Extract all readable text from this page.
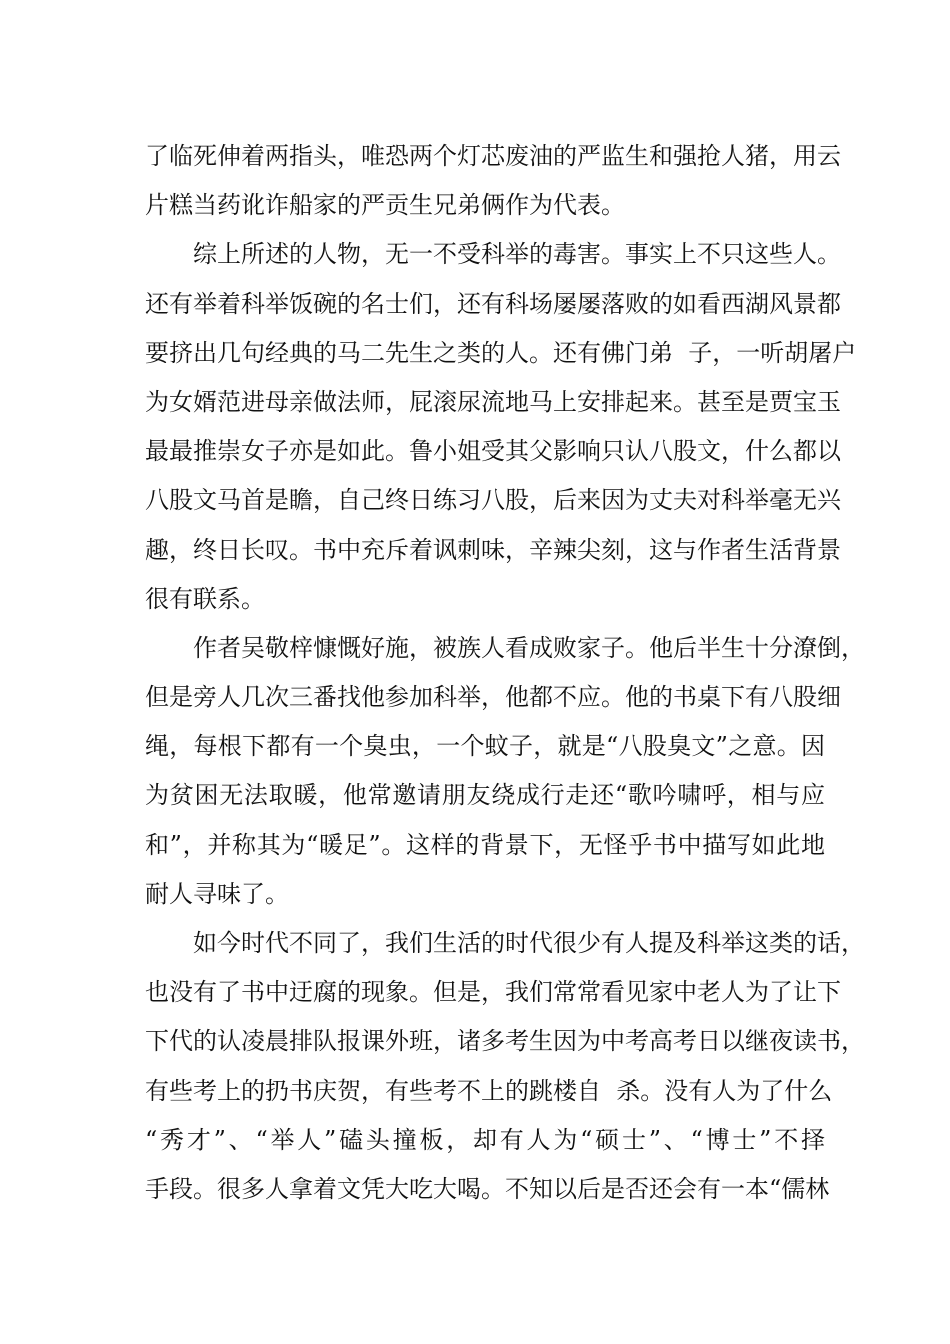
了临死伸着两指头，唯恐两个灯芯废油的严监生和强抢人猪，用云
片糕当药讹诈船家的严贡生兄弟俩作为代表。
综上所述的人物，无一不受科举的毒害。事实上不只这些人。
还有举着科举饭碗的名士们，还有科场屡屡落败的如看西湖风景都
要挤出几句经典的马二先生之类的人。还有佛门弟  子，一听胡屠户
为女婿范进母亲做法师，屁滚尿流地马上安排起来。甚至是贾宝玉
最最推崇女子亦是如此。鲁小姐受其父影响只认八股文，什么都以
八股文马首是瞻，自己终日练习八股，后来因为丈夫对科举毫无兴
趣，终日长叹。书中充斥着讽刺味，辛辣尖刻，这与作者生活背景
很有联系。
作者吴敬梓慷慨好施，被族人看成败家子。他后半生十分潦倒，
但是旁人几次三番找他参加科举，他都不应。他的书桌下有八股细
绳，每根下都有一个臭虫，一个蚊子，就是“八股臭文”之意。因
为贫困无法取暖，他常邀请朋友绕成行走还“歌吟啸呼，相与应
和”，并称其为“暖足”。这样的背景下，无怪乎书中描写如此地
耐人寻味了。
如今时代不同了，我们生活的时代很少有人提及科举这类的话，
也没有了书中迂腐的现象。但是，我们常常看见家中老人为了让下
下代的认凌晨排队报课外班，诸多考生因为中考高考日以继夜读书，
有些考上的扔书庆贺，有些考不上的跳楼自  杀。没有人为了什么
“秀才”、“举人”磕头撞板，却有人为“硕士”、“博士”不择
手段。很多人拿着文凭大吃大喝。不知以后是否还会有一本“儒林
